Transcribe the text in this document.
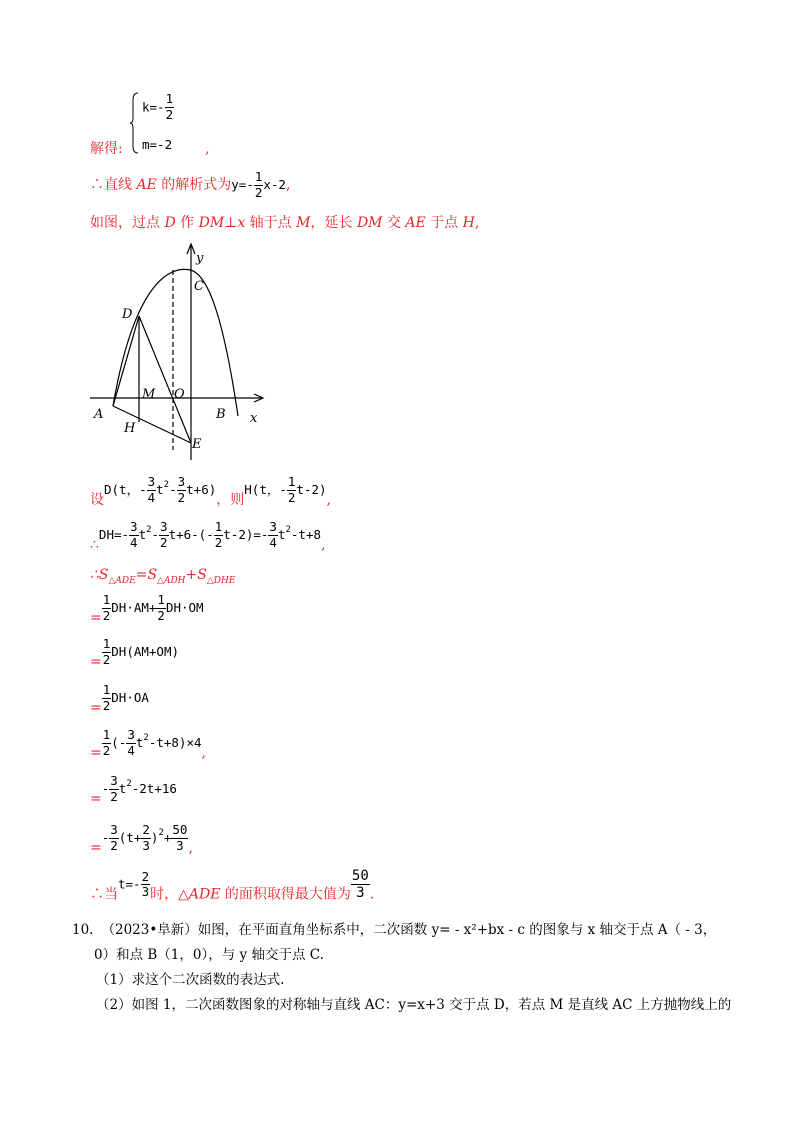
$k=- \frac{1}{2}$
m=-2
解得:	,
∴直线 AE 的解析式为$y=- \frac{1}{2} x-2$,
如图，过点 D 作 DM⊥x 轴于点 M，延长 DM 交 AE 于点 H,
y
x
C
D
M O
A	B
H
E
设D(t，- $\frac{3}{4} t^2- \frac{3}{2} t+6$)，则H(t，- $\frac{1}{2} t-2$),
∴DH=- $\frac{3}{4} t^2- \frac{3}{2} t+6-(- \frac{1}{2} t-2)=- \frac{3}{4} t^2-t+8$,
$\therefore S_{\triangle ADE}=S_{\triangle ADH}+S_{\triangle DHE}$
= $\frac{1}{2} DH\cdot AM+ \frac{1}{2} DH\cdot OM$
= $\frac{1}{2} DH(AM+OM)$
= $\frac{1}{2} DH\cdot OA$
= $\frac{1}{2}$ (- $\frac{3}{4} t^2-t+8)\times 4$,
=- $\frac{3}{2} t^2-2t+16$
=- $\frac{3}{2} (t+ \frac{2}{3} )^2+ \frac{50}{3}$ ,
∴当$t=- \frac{2}{3}$ 时，△ADE 的面积取得最大值为 $\frac{50}{3}$ .
10. （2023•阜新）如图，在平面直角坐标系中，二次函数 y= - x²+bx - c 的图象与 x 轴交于点 A（ - 3，
0）和点 B（1，0），与 y 轴交于点 C.
（1）求这个二次函数的表达式.
（2）如图 1，二次函数图象的对称轴与直线 AC：y=x+3 交于点 D，若点 M 是直线 AC 上方抛物线上的
